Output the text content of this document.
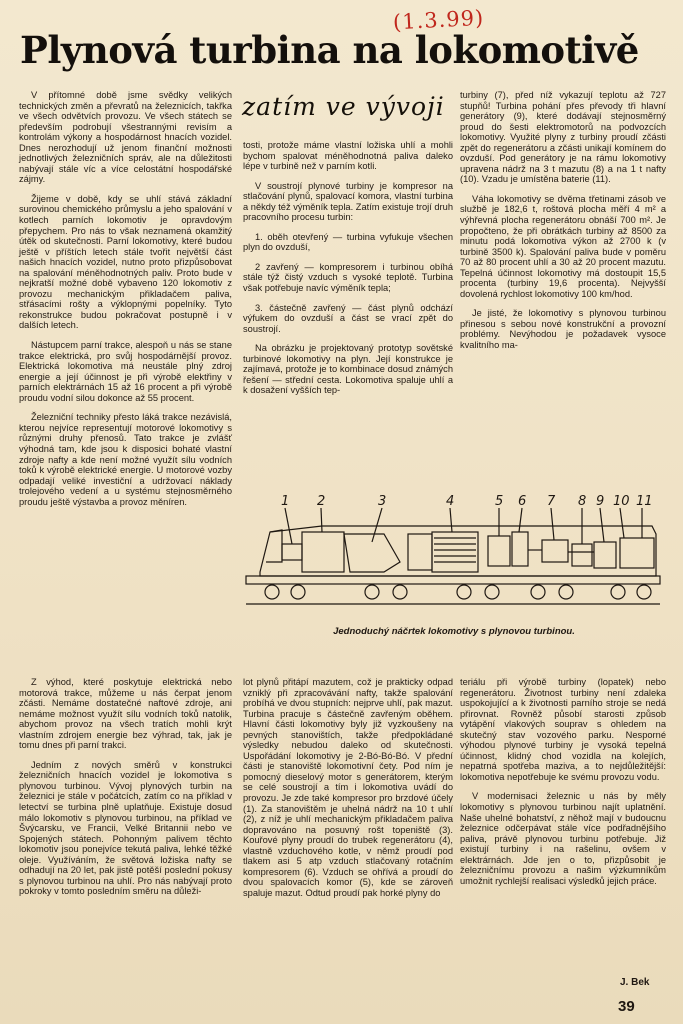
(1.3.99)
Plynová turbina na lokomotivě
zatím ve vývoji

V přítomné době jsme svědky velikých technických změn a převratů na železnicích, takřka ve všech odvětvích provozu. Ve všech státech se především podrobují všestrannými revisím a kontrolám výkony a hospodárnost hnacích vozidel. Dnes nerozhodují už jenom finanční možnosti jednotlivých železničních správ, ale na důležitosti nabývají stále víc a více celostátní hospodářské zájmy.

Žijeme v době, kdy se uhlí stává základní surovinou chemického průmyslu a jeho spalování v kotlech parních lokomotiv je opravdovým přepychem. Pro nás to však neznamená okamžitý útěk od skutečnosti. Parní lokomotivy, které budou ještě v příštích letech stále tvořit největší část našich hnacích vozidel, nutno proto přizpůsobovat na spalování méněhodnotných paliv. Proto bude v nejkratší možné době vybaveno 120 lokomotiv z provozu mechanickým přikladačem paliva, střásacími rošty a výklopnými popelníky. Tyto rekonstrukce budou pokračovat postupně i v dalších letech.

Nástupcem parní trakce, alespoň u nás se stane trakce elektrická, pro svůj hospodárnější provoz. Elektrická lokomotiva má neustále plný zdroj energie a její účinnost je při výrobě elektřiny v parních elektrárnách 15 až 16 procent a při výrobě proudu vodní silou dokonce až 55 procent.

Železniční techniky přesto láká trakce nezávislá, kterou nejvíce representují motorové lokomotivy s různými druhy přenosů. Tato trakce je zvlášť výhodná tam, kde jsou k disposici bohaté vlastní zdroje nafty a kde není možné využít sílu vodních toků k výrobě elektrické energie. U motorové vozby odpadají veliké investiční a udržovací náklady trolejového vedení a u systému stejnosměrného proudu ještě výstavba a provoz měníren.

tosti, protože máme vlastní ložiska uhlí a mohli bychom spalovat méněhodnotná paliva daleko lépe v turbině než v parním kotli.

V soustrojí plynové turbiny je kompresor na stlačování plynů, spalovací komora, vlastní turbina a někdy též výměník tepla. Zatím existuje trojí druh pracovního procesu turbin:

1. oběh otevřený — turbina vyfukuje všechen plyn do ovzduší,

2 zavřený — kompresorem i turbinou obíhá stále týž čistý vzduch s vysoké teplotě. Turbina však potřebuje navíc výměník tepla;

3. částečně zavřený — část plynů odchází výfukem do ovzduší a část se vrací zpět do soustrojí.

Na obrázku je projektovaný prototyp sovětské turbinové lokomotivy na plyn. Její konstrukce je zajímavá, protože je to kombinace dosud známých řešení — střední cesta. Lokomotiva spaluje uhlí a k dosažení vyšších tep-

turbiny (7), před níž vykazují teplotu až 727 stupňů! Turbina pohání přes převody tři hlavní generátory (9), které dodávají stejnosměrný proud do šesti elektromotorů na podvozcích lokomotivy. Využité plyny z turbiny proudí zčásti zpět do regenerátoru a zčásti unikají komínem do ovzduší. Pod generátory je na rámu lokomotivy upravena nádrž na 3 t mazutu (8) a na 1 t nafty (10). Vzadu je umístěna baterie (11).

Váha lokomotivy se dvěma třetinami zásob ve službě je 182,6 t, roštová plocha měří 4 m² a výhřevná plocha regenerátoru obnáší 700 m². Je propočteno, že při obrátkách turbiny až 8500 za minutu podá lokomotiva výkon až 2700 k (v turbině 3500 k). Spalování paliva bude v poměru 70 až 80 procent uhlí a 30 až 20 procent mazutu. Tepelná účinnost lokomotivy má dostoupit 15,5 procenta (turbiny 19,6 procenta). Nejvyšší dovolená rychlost lokomotivy 100 km/hod.

Je jisté, že lokomotivy s plynovou turbinou přinesou s sebou nové konstrukční a provozní problémy. Nevýhodou je požadavek vysoce kvalitního ma-

1 2	3	4	5 6 7 8 9 10 11
Jednoduchý náčrtek lokomotivy s plynovou turbinou.

Z výhod, které poskytuje elektrická nebo motorová trakce, můžeme u nás čerpat jenom zčásti. Nemáme dostatečné naftové zdroje, ani nemáme možnost využít sílu vodních toků natolik, abychom provoz na všech tratích mohli krýt vlastním zdrojem energie bez výhrad, tak, jak je tomu dnes při parní trakci.

Jedním z nových směrů v konstrukci železničních hnacích vozidel je lokomotiva s plynovou turbinou. Vývoj plynových turbin na železnici je stále v počátcích, zatím co na příklad v letectví se turbina plně uplatňuje. Existuje dosud málo lokomotiv s plynovou turbinou, na příklad ve Švýcarsku, ve Francii, Velké Britannii nebo ve Spojených státech. Pohonným palivem těchto lokomotiv jsou ponejvíce tekutá paliva, lehké těžké oleje. Využíváním, že světová ložiska nafty se odhadují na 20 let, pak jistě potěší poslední pokusy s plynovou turbinou na uhlí. Pro nás nabývají proto pokroky v tomto posledním směru na důleži-

lot plynů přitápí mazutem, což je prakticky odpad vzniklý při zpracovávání nafty, takže spalování probíhá ve dvou stupních: nejprve uhlí, pak mazut. Turbina pracuje s částečně zavřeným oběhem. Hlavní části lokomotivy byly již vyzkoušeny na pevných stanovištích, takže předpokládané výsledky nebudou daleko od skutečnosti. Uspořádání lokomotivy je 2-Bó-Bó-Bó. V přední části je stanoviště lokomotivní čety. Pod ním je pomocný dieselový motor s generátorem, kterým se celé soustrojí a tím i lokomotiva uvádí do provozu. Je zde také kompresor pro brzdové účely (1). Za stanovištěm je uhelná nádrž na 10 t uhlí (2), z níž je uhlí mechanickým přikladačem paliva dopravováno na posuvný rošt topeniště (3). Kouřové plyny proudí do trubek regenerátoru (4), vlastně vzduchového kotle, v němž proudí pod tlakem asi 5 atp vzduch stlačovaný rotačním kompresorem (6). Vzduch se ohřívá a proudí do dvou spalovacích komor (5), kde se zároveň spaluje mazut. Odtud proudí pak horké plyny do

teriálu při výrobě turbiny (lopatek) nebo regenerátoru. Životnost turbiny není zdaleka uspokojující a k životnosti parního stroje se nedá přirovnat. Rovněž působí starosti způsob vytápění vlakových souprav s ohledem na skutečný stav vozového parku. Nesporné výhodou plynové turbiny je vysoká tepelná účinnost, klidný chod vozidla na kolejích, nepatrná spotřeba maziva, a to nejdůležitější: lokomotiva nepotřebuje ke svému provozu vodu.

V modernisaci železnic u nás by měly lokomotivy s plynovou turbinou najít uplatnění. Naše uhelné bohatství, z něhož mají v budoucnu železnice odčerpávat stále více podřadnějšího paliva, právě plynovou turbinu potřebuje. Již existují turbiny i na rašelinu, ovšem v elektrárnách. Jde jen o to, přizpůsobit je železničnímu provozu a našim výzkumníkům umožnit rychlejší realisaci výsledků jejich práce.

J. Bek
39
